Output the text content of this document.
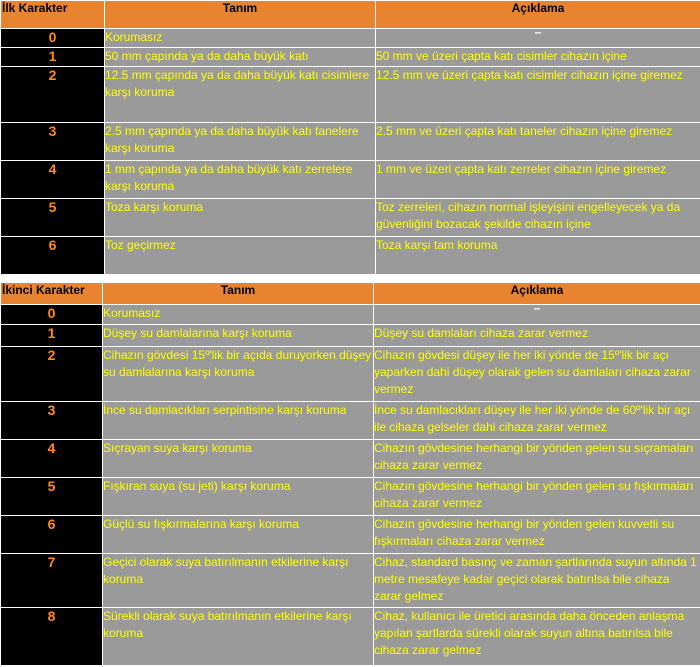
İlk Karakter	Tanım	Açıklama
0	Korumasız	–
1	50 mm çapında ya da daha büyük katı	50 mm ve üzeri çapta katı cisimler cihazın içine
2	12.5 mm çapında ya da daha büyük katı cisimlere karşı koruma	12.5 mm ve üzeri çapta katı cisimler cihazın içine giremez
3	2.5 mm çapında ya da daha büyük katı tanelere karşı koruma	2.5 mm ve üzeri çapta katı taneler cihazın içine giremez
4	1 mm çapında ya da daha büyük katı zerrelere karşı koruma	1 mm ve üzeri çapta katı zerreler cihazın içine giremez
5	Toza karşı koruma	Toz zerreleri, cihazın normal işleyişini engelleyecek ya da güvenliğini bozacak şekilde cihazın içine
6	Toz geçirmez	Toza karşı tam koruma
İkinci Karakter	Tanım	Açıklama
0	Korumasız	–
1	Düşey su damlalarına karşı koruma	Düşey su damlaları cihaza zarar vermez
2	Cihazın gövdesi 15º'lik bir açıda duruyorken düşey su damlalarına karşı koruma	Cihazın gövdesi düşey ile her iki yönde de 15º'lik bir açı yaparken dahi düşey olarak gelen su damlaları cihaza zarar vermez
3	İnce su damlacıkları serpintisine karşı koruma	İnce su damlacıkları düşey ile her iki yönde de 60º'lik bir açı ile cihaza gelseler dahi cihaza zarar vermez
4	Sıçrayan suya karşı koruma	Cihazın gövdesine herhangi bir yönden gelen su sıçramaları cihaza zarar vermez
5	Fışkıran suya (su jeti) karşı koruma	Cihazın gövdesine herhangi bir yönden gelen su fışkırmaları cihaza zarar vermez
6	Güçlü su fışkırmalarına karşı koruma	Cihazın gövdesine herhangi bir yönden gelen kuvvetli su fışkırmaları cihaza zarar vermez
7	Geçici olarak suya batırılmanın etkilerine karşı koruma	Cihaz, standard basınç ve zaman şartlarında suyun altında 1 metre mesafeye kadar geçici olarak batırılsa bile cihaza zarar gelmez
8	Sürekli olarak suya batırılmanın etkilerine karşı koruma	Cihaz, kullanıcı ile üretici arasında daha önceden anlaşma yapılan şartlarda sürekli olarak suyun altına batırılsa bile cihaza zarar gelmez
